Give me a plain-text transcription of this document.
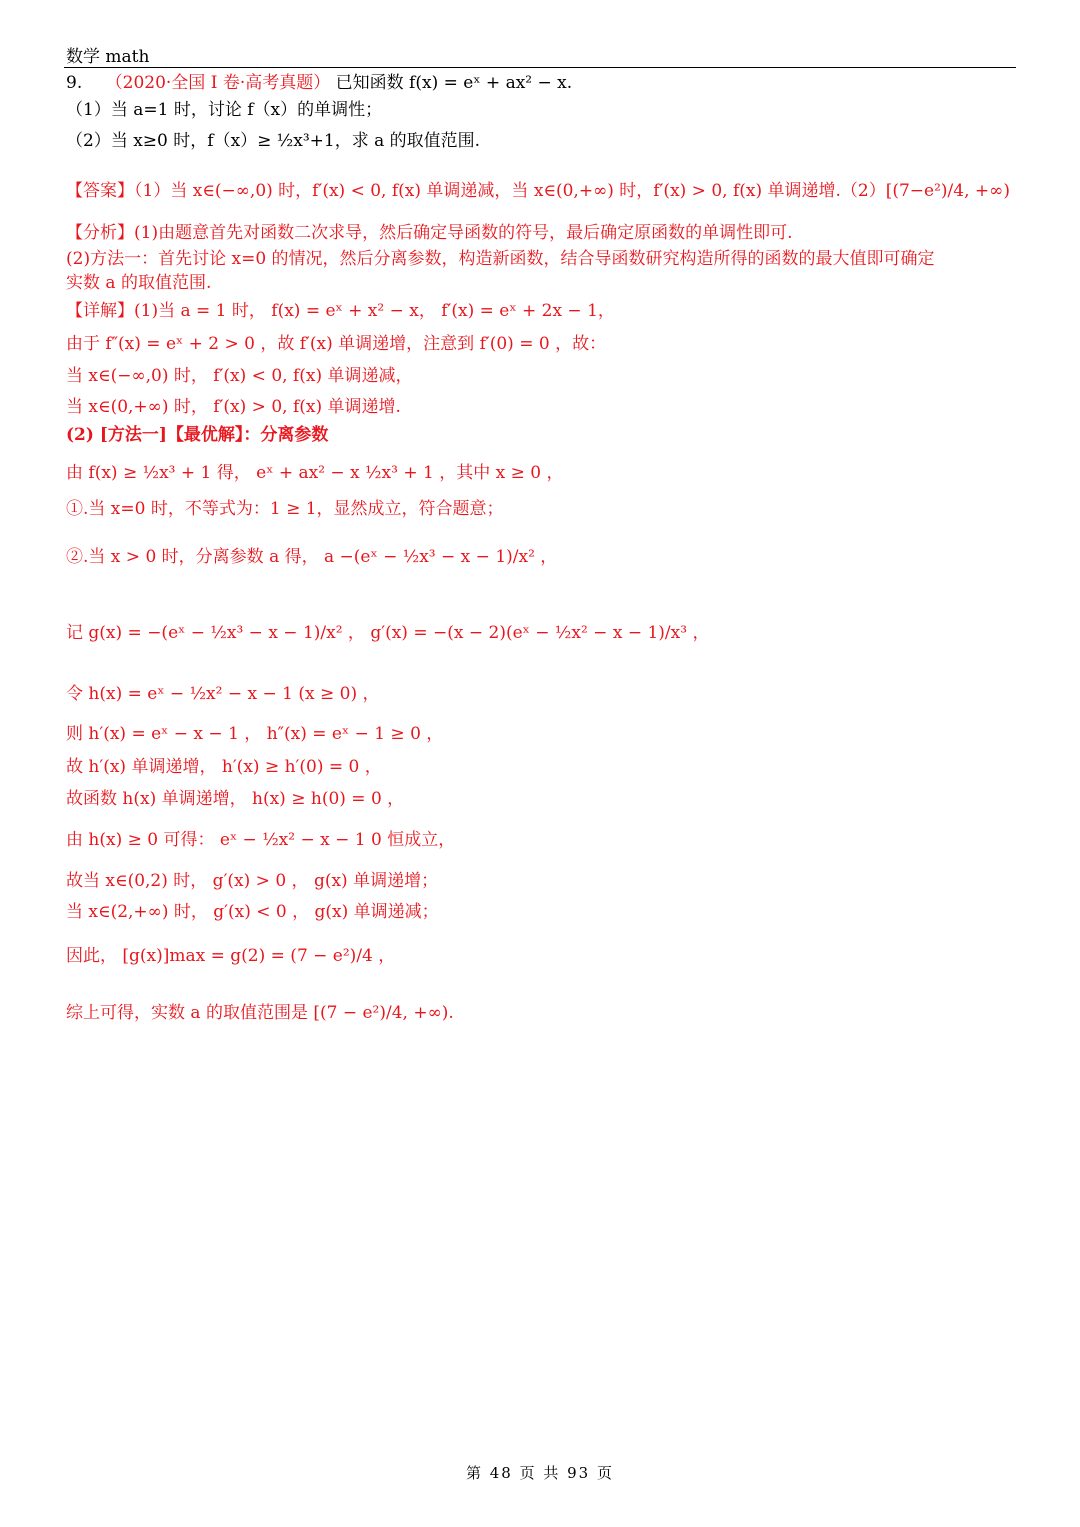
数学 math
9. （2020·全国 I 卷·高考真题） 已知函数 f(x) = eˣ + ax² − x.
（1）当 a=1 时，讨论 f（x）的单调性；
（2）当 x≥0 时，f（x）≥ ½x³+1，求 a 的取值范围.
【答案】（1）当 x∈(−∞,0) 时，f′(x) < 0, f(x) 单调递减，当 x∈(0,+∞) 时，f′(x) > 0, f(x) 单调递增.（2）[(7−e²)/4, +∞)
【分析】(1)由题意首先对函数二次求导，然后确定导函数的符号，最后确定原函数的单调性即可.
(2)方法一：首先讨论 x=0 的情况，然后分离参数，构造新函数，结合导函数研究构造所得的函数的最大值即可确定
实数 a 的取值范围.
【详解】(1)当 a = 1 时， f(x) = eˣ + x² − x， f′(x) = eˣ + 2x − 1，
由于 f″(x) = eˣ + 2 > 0 ，故 f′(x) 单调递增，注意到 f′(0) = 0 ，故：
当 x∈(−∞,0) 时， f′(x) < 0, f(x) 单调递减，
当 x∈(0,+∞) 时， f′(x) > 0, f(x) 单调递增.
(2) [方法一]【最优解】：分离参数
由 f(x) ≥ ½x³ + 1 得， eˣ + ax² − x ½x³ + 1 ，其中 x ≥ 0 ，
①.当 x=0 时，不等式为：1 ≥ 1，显然成立，符合题意；
②.当 x > 0 时，分离参数 a 得， a −(eˣ − ½x³ − x − 1)/x² ，
记 g(x) = −(eˣ − ½x³ − x − 1)/x² ， g′(x) = −(x − 2)(eˣ − ½x² − x − 1)/x³ ，
令 h(x) = eˣ − ½x² − x − 1 (x ≥ 0) ，
则 h′(x) = eˣ − x − 1 ， h″(x) = eˣ − 1 ≥ 0 ，
故 h′(x) 单调递增， h′(x) ≥ h′(0) = 0 ，
故函数 h(x) 单调递增， h(x) ≥ h(0) = 0 ，
由 h(x) ≥ 0 可得： eˣ − ½x² − x − 1 0 恒成立，
故当 x∈(0,2) 时， g′(x) > 0 ， g(x) 单调递增；
当 x∈(2,+∞) 时， g′(x) < 0 ， g(x) 单调递减；
因此， [g(x)]max = g(2) = (7 − e²)/4 ，
综上可得，实数 a 的取值范围是 [(7 − e²)/4, +∞).
第 48 页 共 93 页
